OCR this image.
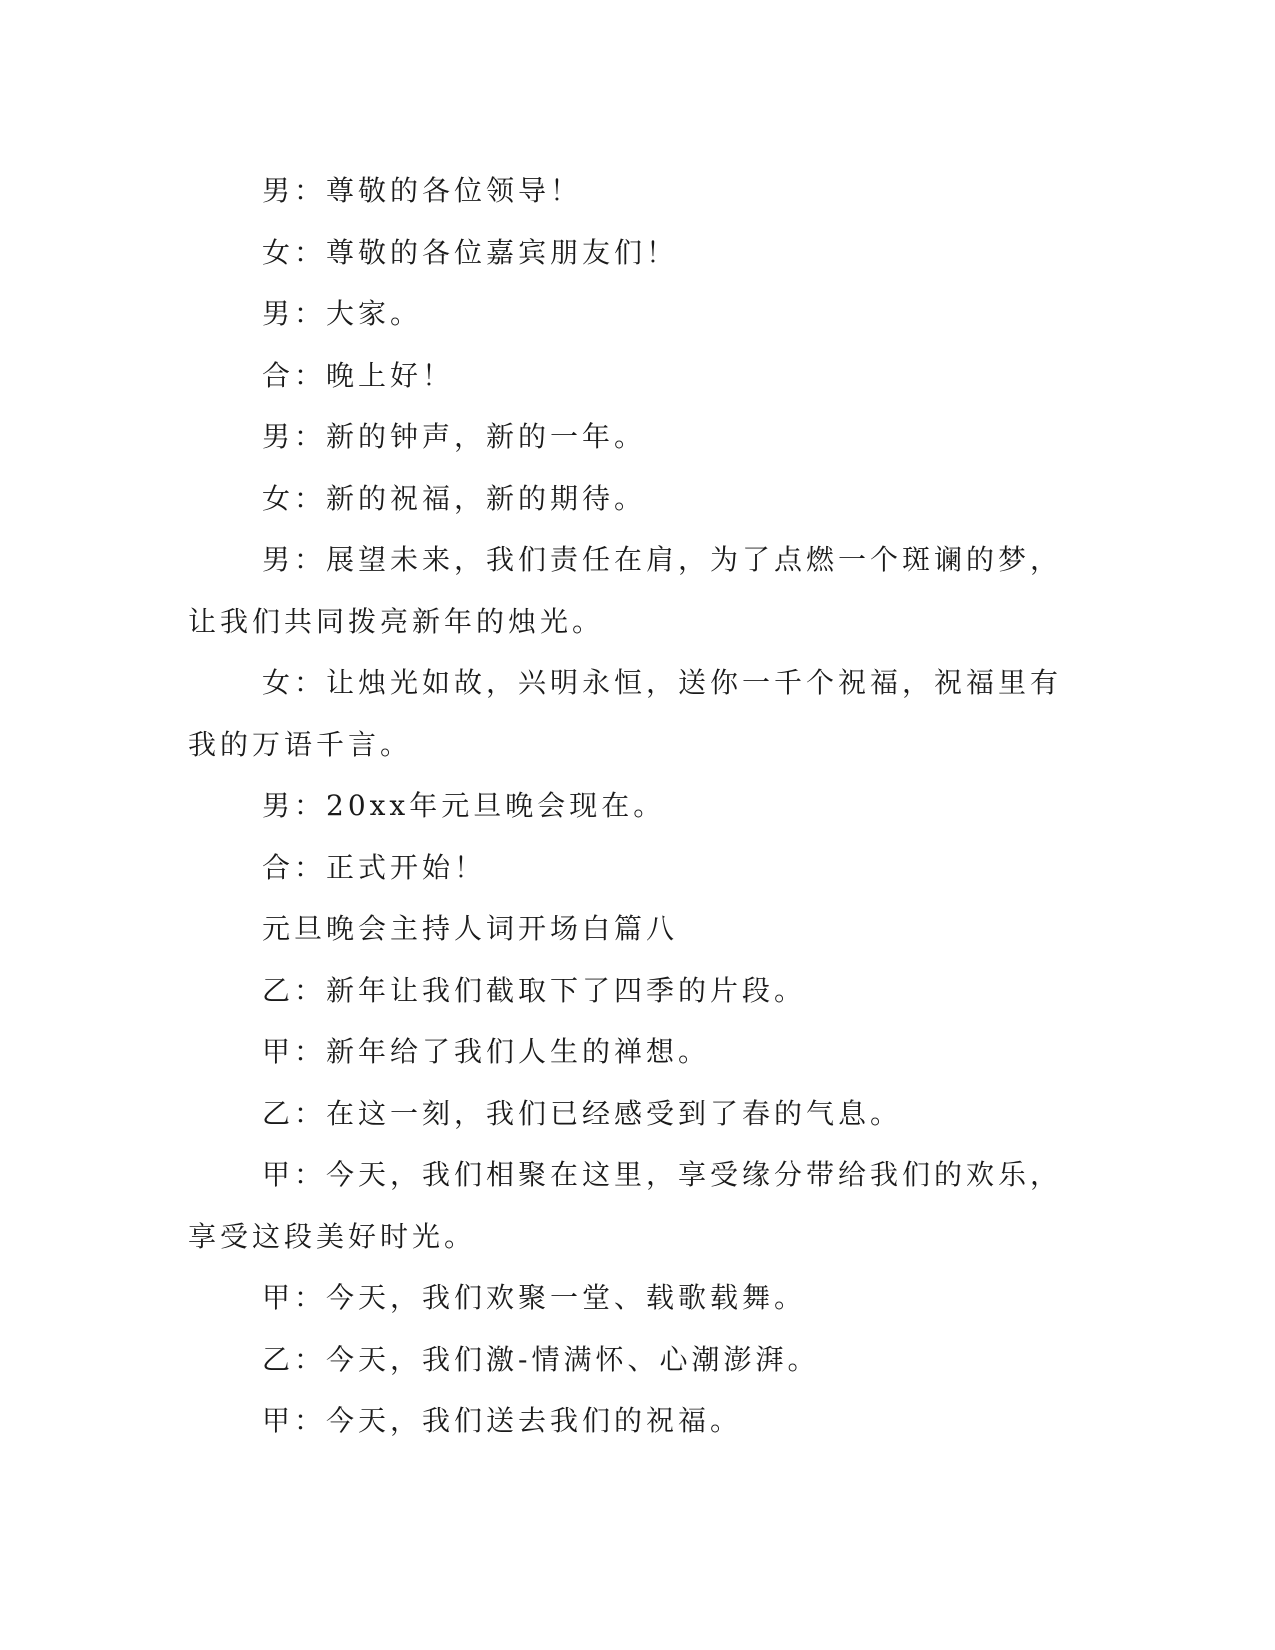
男：尊敬的各位领导！

女：尊敬的各位嘉宾朋友们！

男：大家。

合：晚上好！

男：新的钟声，新的一年。

女：新的祝福，新的期待。

男：展望未来，我们责任在肩，为了点燃一个斑谰的梦，让我们共同拨亮新年的烛光。

女：让烛光如故，兴明永恒，送你一千个祝福，祝福里有我的万语千言。

男：20xx年元旦晚会现在。

合：正式开始！

元旦晚会主持人词开场白篇八

乙：新年让我们截取下了四季的片段。

甲：新年给了我们人生的禅想。

乙：在这一刻，我们已经感受到了春的气息。

甲：今天，我们相聚在这里，享受缘分带给我们的欢乐，享受这段美好时光。

甲：今天，我们欢聚一堂、载歌载舞。

乙：今天，我们激-情满怀、心潮澎湃。

甲：今天，我们送去我们的祝福。
